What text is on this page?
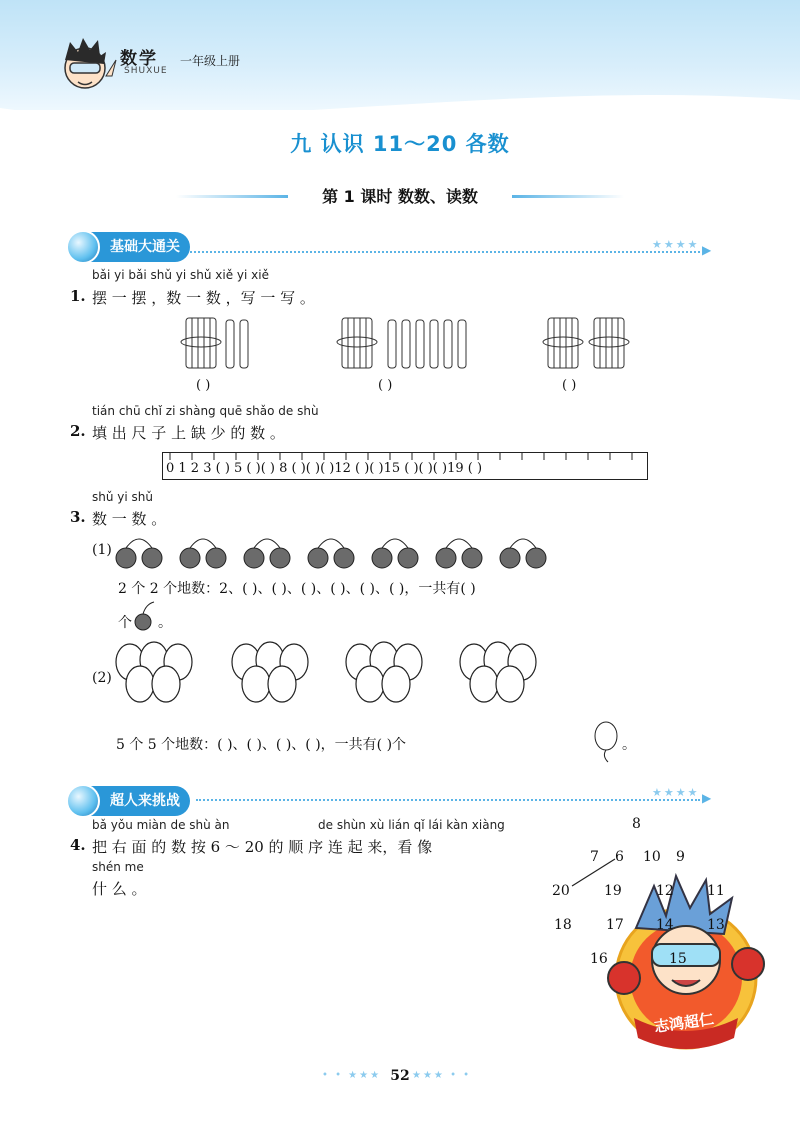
数学
SHUXUE
一年级上册
九 认识 11～20 各数
第 1 课时 数数、读数
基础大通关	★★★★ ▶
bǎi yi bǎi shǔ yi shǔ xiě yi xiě
1. 摆 一 摆 ，数 一 数 ，写 一 写 。
( )	( )	( )
tián chū chǐ zi shàng quē shǎo de shù
2. 填 出 尺 子 上 缺 少 的 数 。
0 1 2 3 ( ) 5 ( )( ) 8 ( )( )( )12 ( )( )15 ( )( )( )19 ( )
shǔ yi shǔ
3. 数 一 数 。
(1)
2 个 2 个地数：2、( )、( )、( )、( )、( )、( )，一共有( )
个 。
(2)
5 个 5 个地数：( )、( )、( )、( )，一共有( )个	。
超人来挑战
★★★★ ▶
bǎ yǒu miàn de shù àn	de shùn xù lián qǐ lái kàn xiàng
4. 把 右 面 的 数 按 6 ～ 20 的 顺 序 连 起 来，看 像
shén me
什 么 。
志鸿超仁
8
7 6 10 9
20 19 12 11
18 17 14 13
16	15
• • ★★★ 52 ★★★ • •
